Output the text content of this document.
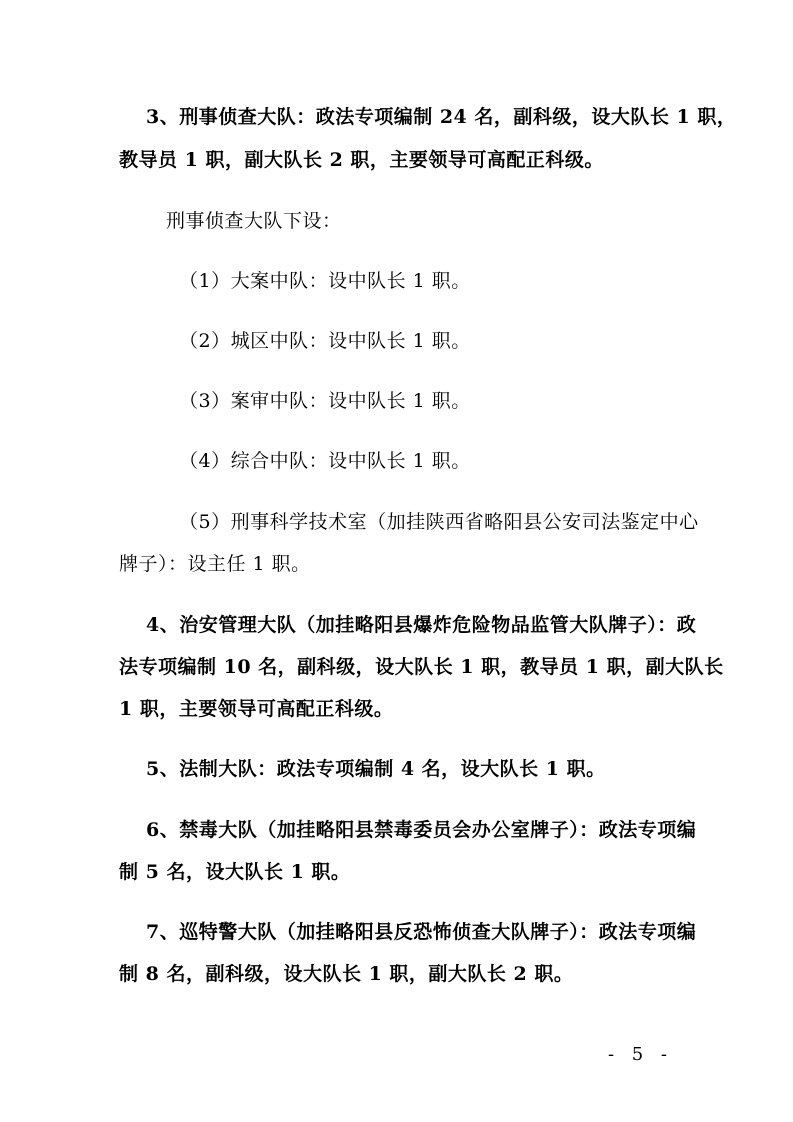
3、刑事侦查大队：政法专项编制 24 名，副科级，设大队长 1 职，
教导员 1 职，副大队长 2 职，主要领导可高配正科级。
刑事侦查大队下设：
（1）大案中队：设中队长 1 职。
（2）城区中队：设中队长 1 职。
（3）案审中队：设中队长 1 职。
（4）综合中队：设中队长 1 职。
（5）刑事科学技术室（加挂陕西省略阳县公安司法鉴定中心
牌子）：设主任 1 职。
4、治安管理大队（加挂略阳县爆炸危险物品监管大队牌子）：政
法专项编制 10 名，副科级，设大队长 1 职，教导员 1 职，副大队长
1 职，主要领导可高配正科级。
5、法制大队：政法专项编制 4 名，设大队长 1 职。
6、禁毒大队（加挂略阳县禁毒委员会办公室牌子）：政法专项编
制 5 名，设大队长 1 职。
7、巡特警大队（加挂略阳县反恐怖侦查大队牌子）：政法专项编
制 8 名，副科级，设大队长 1 职，副大队长 2 职。
- 5 -
